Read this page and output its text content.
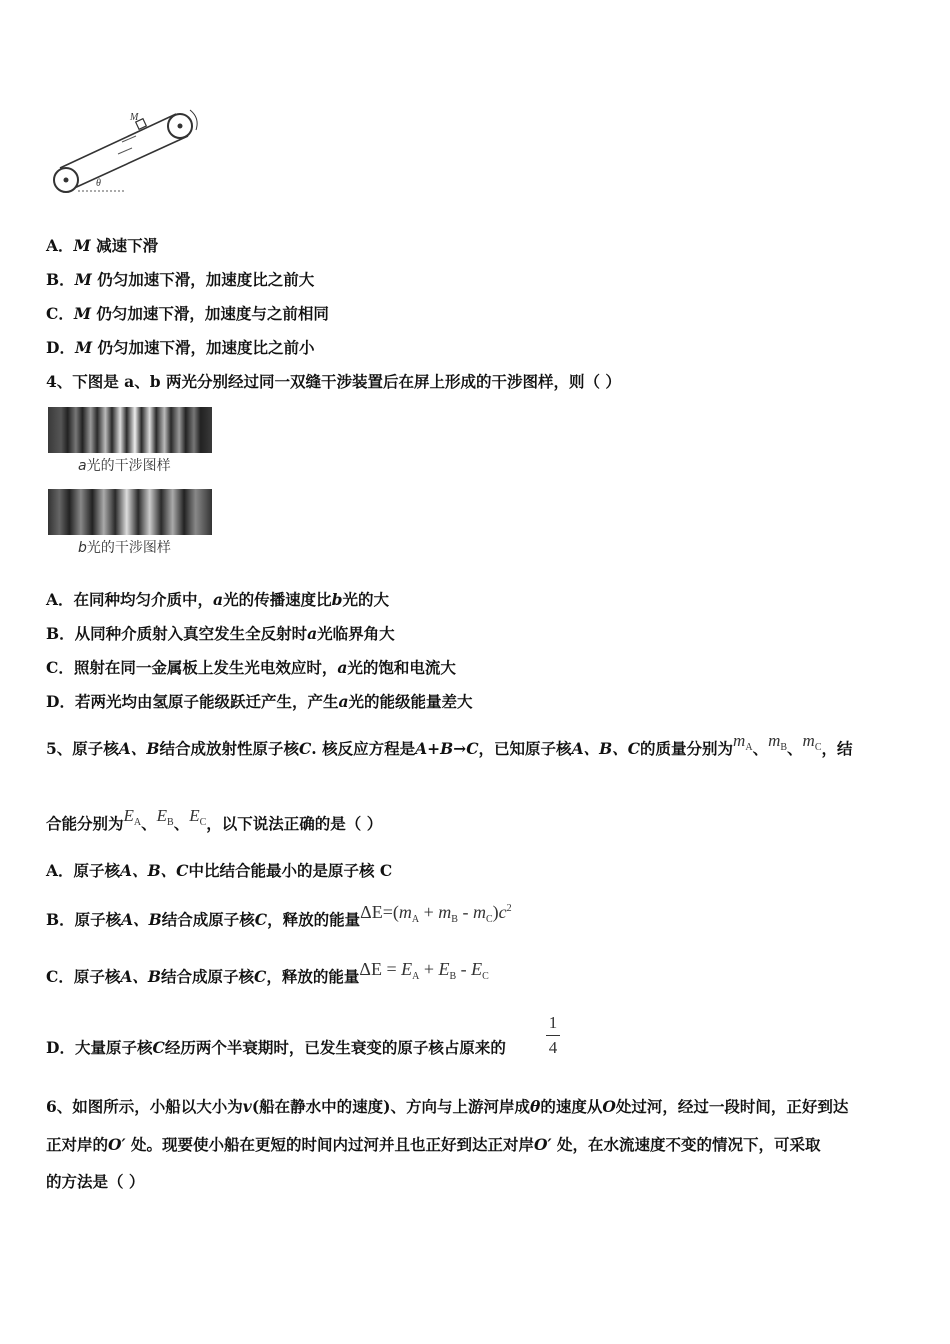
M
θ
A．M 减速下滑
B．M 仍匀加速下滑，加速度比之前大
C．M 仍匀加速下滑，加速度与之前相同
D．M 仍匀加速下滑，加速度比之前小
4、下图是 a、b 两光分别经过同一双缝干涉装置后在屏上形成的干涉图样，则（ ）
a光的干涉图样
b光的干涉图样
A．在同种均匀介质中，a光的传播速度比b光的大
B．从同种介质射入真空发生全反射时a光临界角大
C．照射在同一金属板上发生光电效应时，a光的饱和电流大
D．若两光均由氢原子能级跃迁产生，产生a光的能级能量差大
5、原子核A、B结合成放射性原子核C. 核反应方程是A+B→C，已知原子核A、B、C的质量分别为$m_A$、$m_B$、$m_C$，结
合能分别为$E_A$、$E_B$、$E_C$，以下说法正确的是（ ）
A．原子核A、B、C中比结合能最小的是原子核 C
B．原子核A、B结合成原子核C，释放的能量$\Delta E=(m_A + m_B - m_C)c^2$
C．原子核A、B结合成原子核C，释放的能量$\Delta E = E_A + E_B - E_C$
D．大量原子核C经历两个半衰期时，已发生衰变的原子核占原来的
1
4
6、如图所示，小船以大小为v(船在静水中的速度)、方向与上游河岸成θ的速度从O处过河，经过一段时间，正好到达
正对岸的O′ 处。现要使小船在更短的时间内过河并且也正好到达正对岸O′ 处，在水流速度不变的情况下，可采取
的方法是（ ）
